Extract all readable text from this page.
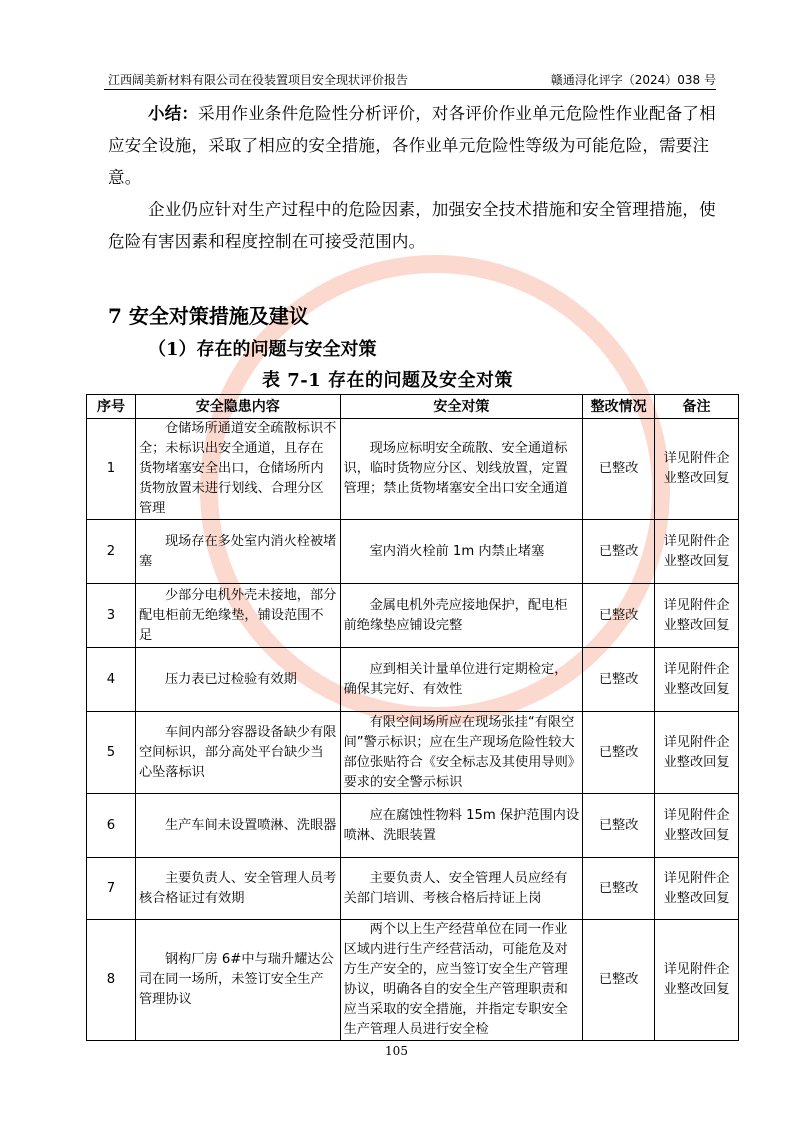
江西阔美新材料有限公司在役装置项目安全现状评价报告	赣通浔化评字（2024）038 号
小结：采用作业条件危险性分析评价，对各评价作业单元危险性作业配备了相应安全设施，采取了相应的安全措施，各作业单元危险性等级为可能危险，需要注意。
企业仍应针对生产过程中的危险因素，加强安全技术措施和安全管理措施，使危险有害因素和程度控制在可接受范围内。
7 安全对策措施及建议
（1）存在的问题与安全对策
表 7-1 存在的问题及安全对策
序号	安全隐患内容	安全对策	整改情况	备注
1	仓储场所通道安全疏散标识不全；未标识出安全通道，且存在货物堵塞安全出口，仓储场所内货物放置未进行划线、合理分区管理	现场应标明安全疏散、安全通道标识，临时货物应分区、划线放置，定置管理；禁止货物堵塞安全出口安全通道	已整改	详见附件企业整改回复
2	现场存在多处室内消火栓被堵塞	室内消火栓前 1m 内禁止堵塞	已整改	详见附件企业整改回复
3	少部分电机外壳未接地，部分配电柜前无绝缘垫，铺设范围不足	金属电机外壳应接地保护，配电柜前绝缘垫应铺设完整	已整改	详见附件企业整改回复
4	压力表已过检验有效期	应到相关计量单位进行定期检定，确保其完好、有效性	已整改	详见附件企业整改回复
5	车间内部分容器设备缺少有限空间标识，部分高处平台缺少当心坠落标识	有限空间场所应在现场张挂“有限空间”警示标识；应在生产现场危险性较大部位张贴符合《安全标志及其使用导则》要求的安全警示标识	已整改	详见附件企业整改回复
6	生产车间未设置喷淋、洗眼器	应在腐蚀性物料 15m 保护范围内设喷淋、洗眼装置	已整改	详见附件企业整改回复
7	主要负责人、安全管理人员考核合格证过有效期	主要负责人、安全管理人员应经有关部门培训、考核合格后持证上岗	已整改	详见附件企业整改回复
8	钢构厂房 6#中与瑞升耀达公司在同一场所，未签订安全生产管理协议	两个以上生产经营单位在同一作业区域内进行生产经营活动，可能危及对方生产安全的，应当签订安全生产管理协议，明确各自的安全生产管理职责和应当采取的安全措施，并指定专职安全生产管理人员进行安全检	已整改	详见附件企业整改回复
105
